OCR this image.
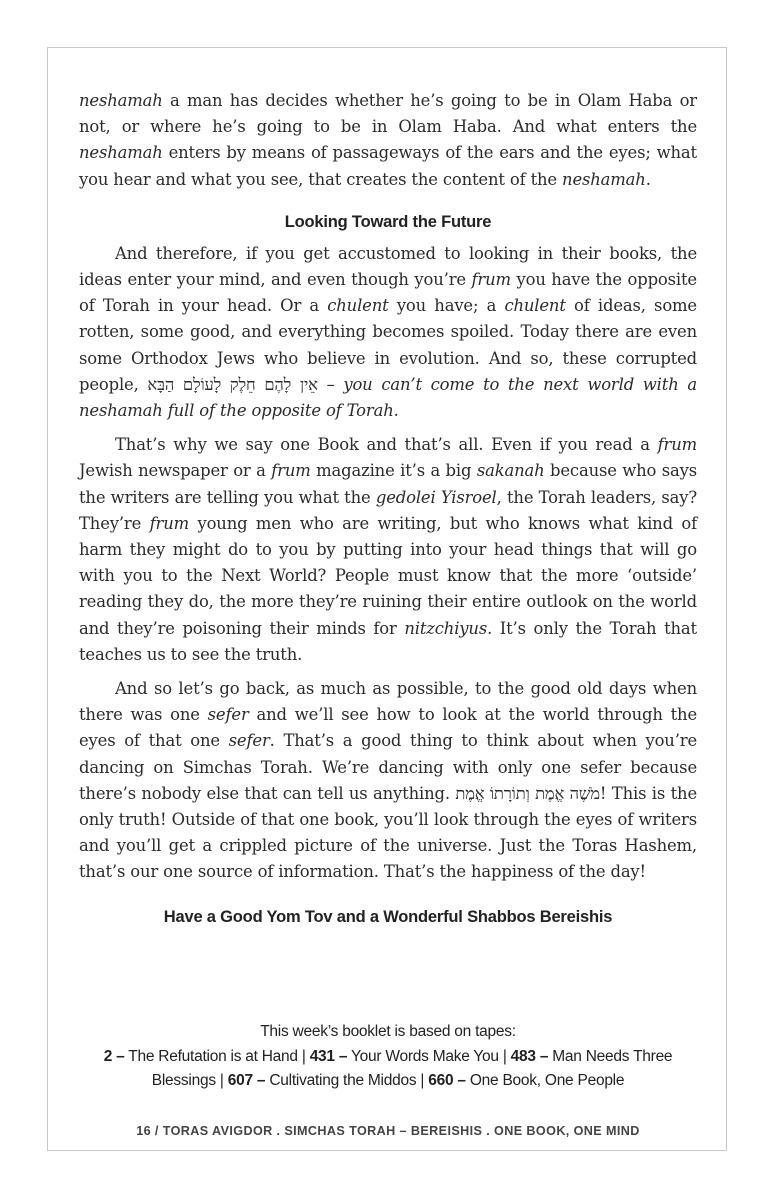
neshamah a man has decides whether he’s going to be in Olam Haba or not, or where he’s going to be in Olam Haba. And what enters the neshamah enters by means of passageways of the ears and the eyes; what you hear and what you see, that creates the content of the neshamah.

Looking Toward the Future

And therefore, if you get accustomed to looking in their books, the ideas enter your mind, and even though you’re frum you have the opposite of Torah in your head. Or a chulent you have; a chulent of ideas, some rotten, some good, and everything becomes spoiled. Today there are even some Orthodox Jews who believe in evolution. And so, these corrupted people, אֵין לָהֶם חֵלֶק לָעוֹלָם הַבָּא – you can’t come to the next world with a neshamah full of the opposite of Torah.

That’s why we say one Book and that’s all. Even if you read a frum Jewish newspaper or a frum magazine it’s a big sakanah because who says the writers are telling you what the gedolei Yisroel, the Torah leaders, say? They’re frum young men who are writing, but who knows what kind of harm they might do to you by putting into your head things that will go with you to the Next World? People must know that the more ‘outside’ reading they do, the more they’re ruining their entire outlook on the world and they’re poisoning their minds for nitzchiyus. It’s only the Torah that teaches us to see the truth.

And so let’s go back, as much as possible, to the good old days when there was one sefer and we’ll see how to look at the world through the eyes of that one sefer. That’s a good thing to think about when you’re dancing on Simchas Torah. We’re dancing with only one sefer because there’s nobody else that can tell us anything. מֹשֶׁה אֱמֶת וְתוֹרָתוֹ אֱמֶת! This is the only truth! Outside of that one book, you’ll look through the eyes of writers and you’ll get a crippled picture of the universe. Just the Toras Hashem, that’s our one source of information. That’s the happiness of the day!

Have a Good Yom Tov and a Wonderful Shabbos Bereishis
This week’s booklet is based on tapes:
2 – The Refutation is at Hand | 431 – Your Words Make You | 483 – Man Needs Three Blessings | 607 – Cultivating the Middos | 660 – One Book, One People
16 / TORAS AVIGDOR . SIMCHAS TORAH – BEREISHIS . ONE BOOK, ONE MIND
